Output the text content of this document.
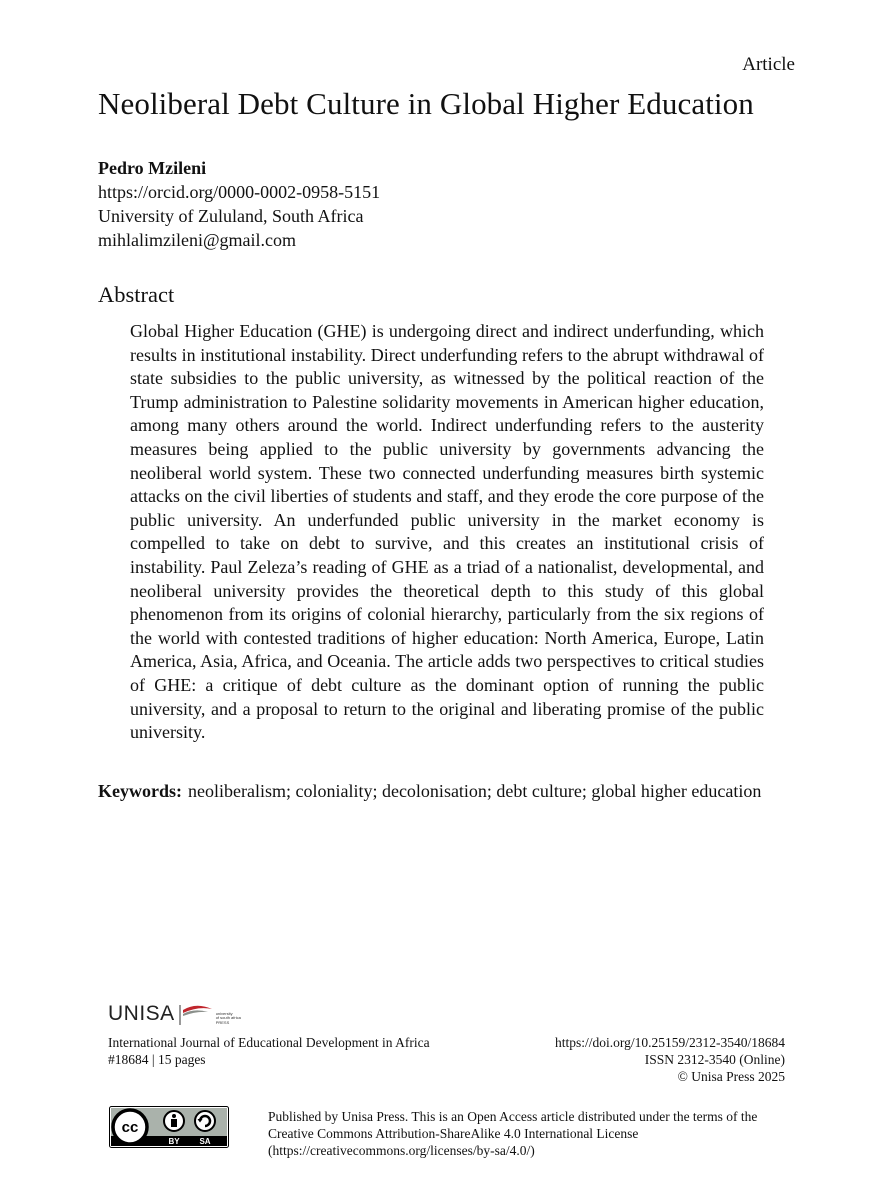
Article
Neoliberal Debt Culture in Global Higher Education
Pedro Mzileni
https://orcid.org/0000-0002-0958-5151
University of Zululand, South Africa
mihlalimzileni@gmail.com
Abstract

Global Higher Education (GHE) is undergoing direct and indirect underfunding, which results in institutional instability. Direct underfunding refers to the abrupt withdrawal of state subsidies to the public university, as witnessed by the political reaction of the Trump administration to Palestine solidarity movements in American higher education, among many others around the world. Indirect underfunding refers to the austerity measures being applied to the public university by governments advancing the neoliberal world system. These two connected underfunding measures birth systemic attacks on the civil liberties of students and staff, and they erode the core purpose of the public university. An underfunded public university in the market economy is compelled to take on debt to survive, and this creates an institutional crisis of instability. Paul Zeleza’s reading of GHE as a triad of a nationalist, developmental, and neoliberal university provides the theoretical depth to this study of this global phenomenon from its origins of colonial hierarchy, particularly from the six regions of the world with contested traditions of higher education: North America, Europe, Latin America, Asia, Africa, and Oceania. The article adds two perspectives to critical studies of GHE: a critique of debt culture as the dominant option of running the public university, and a proposal to return to the original and liberating promise of the public university.

Keywords: neoliberalism; coloniality; decolonisation; debt culture; global higher education
UNISA	university
of south africa
PRESS
International Journal of Educational Development in Africa
#18684 | 15 pages
https://doi.org/10.25159/2312-3540/18684
ISSN 2312-3540 (Online)
© Unisa Press 2025
cc
BY SA
Published by Unisa Press. This is an Open Access article distributed under the terms of the Creative Commons Attribution-ShareAlike 4.0 International License (https://creativecommons.org/licenses/by-sa/4.0/)
